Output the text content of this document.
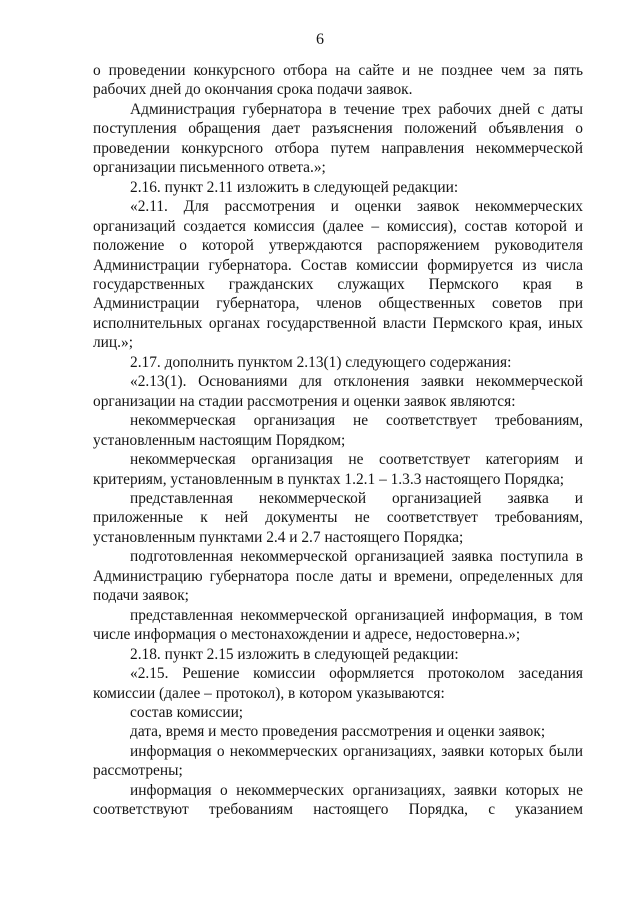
6

о проведении конкурсного отбора на сайте и не позднее чем за пять рабочих дней до окончания срока подачи заявок.

Администрация губернатора в течение трех рабочих дней с даты поступления обращения дает разъяснения положений объявления о проведении конкурсного отбора путем направления некоммерческой организации письменного ответа.»;

2.16. пункт 2.11 изложить в следующей редакции:

«2.11. Для рассмотрения и оценки заявок некоммерческих организаций создается комиссия (далее – комиссия), состав которой и положение о которой утверждаются распоряжением руководителя Администрации губернатора. Состав комиссии формируется из числа государственных гражданских служащих Пермского края в Администрации губернатора, членов общественных советов при исполнительных органах государственной власти Пермского края, иных лиц.»;

2.17. дополнить пунктом 2.13(1) следующего содержания:

«2.13(1). Основаниями для отклонения заявки некоммерческой организации на стадии рассмотрения и оценки заявок являются:

некоммерческая организация не соответствует требованиям, установленным настоящим Порядком;

некоммерческая организация не соответствует категориям и критериям, установленным в пунктах 1.2.1 – 1.3.3 настоящего Порядка;

представленная некоммерческой организацией заявка и приложенные к ней документы не соответствует требованиям, установленным пунктами 2.4 и 2.7 настоящего Порядка;

подготовленная некоммерческой организацией заявка поступила в Администрацию губернатора после даты и времени, определенных для подачи заявок;

представленная некоммерческой организацией информация, в том числе информация о местонахождении и адресе, недостоверна.»;

2.18. пункт 2.15 изложить в следующей редакции:

«2.15. Решение комиссии оформляется протоколом заседания комиссии (далее – протокол), в котором указываются:

состав комиссии;

дата, время и место проведения рассмотрения и оценки заявок;

информация о некоммерческих организациях, заявки которых были рассмотрены;

информация о некоммерческих организациях, заявки которых не соответствуют требованиям настоящего Порядка, с указанием
